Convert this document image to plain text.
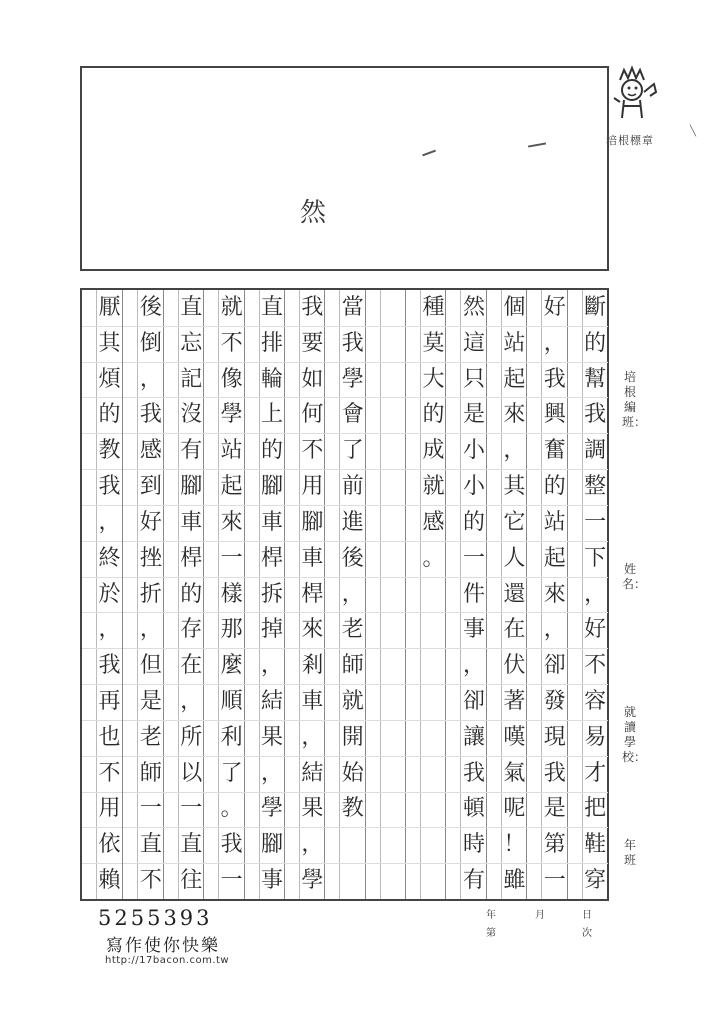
培根標章
╲
然
斷
的
幫
我
調
整
一
下
，
好
不
容
易
才
把
鞋
穿
好
，
我
興
奮
的
站
起
來
，
卻
發
現
我
是
第
一
個
站
起
來
，
其
它
人
還
在
伏
著
嘆
氣
呢
！
雖
然
這
只
是
小
小
的
一
件
事
，
卻
讓
我
頓
時
有
種
莫
大
的
成
就
感
。
當
我
學
會
了
前
進
後
，
老
師
就
開
始
教
我
要
如
何
不
用
腳
車
桿
來
剎
車
，
結
果
，
學
直
排
輪
上
的
腳
車
桿
拆
掉
，
結
果
，
學
腳
事
就
不
像
學
站
起
來
一
樣
那
麼
順
利
了
。
我
一
直
忘
記
沒
有
腳
車
桿
的
存
在
，
所
以
一
直
往
後
倒
，
我
感
到
好
挫
折
，
但
是
老
師
一
直
不
厭
其
煩
的
教
我
，
終
於
，
我
再
也
不
用
依
賴
培根編班：
姓名：
就讀學校：
年 班
年	月	日
第	次
5255393
寫作使你快樂
http://17bacon.com.tw
